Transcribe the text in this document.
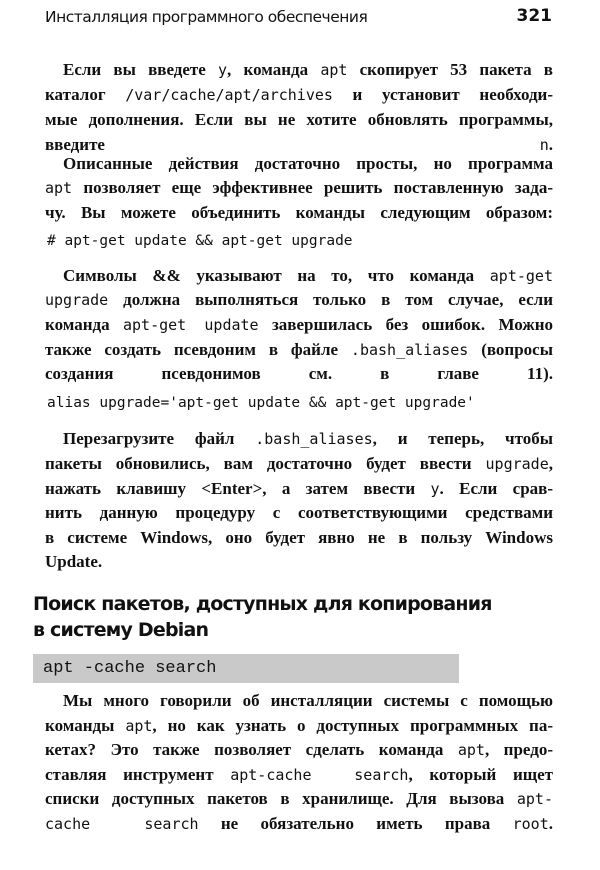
Инсталляция программного обеспечения	321
Если вы введете y, команда apt скопирует 53 пакета в
каталог /var/cache/apt/archives и установит необходи-
мые дополнения. Если вы не хотите обновлять программы,
введите n.
Описанные действия достаточно просты, но программа
apt позволяет еще эффективнее решить поставленную зада-
чу. Вы можете объединить команды следующим образом:
Символы && указывают на то, что команда apt-get
upgrade должна выполняться только в том случае, если
команда apt-get update завершилась без ошибок. Можно
также создать псевдоним в файле .bash_aliases (вопросы
создания псевдонимов см. в главе 11).
Перезагрузите файл .bash_aliases, и теперь, чтобы
пакеты обновились, вам достаточно будет ввести upgrade,
нажать клавишу <Enter>, а затем ввести y. Если срав-
нить данную процедуру с соответствующими средствами
в системе Windows, оно будет явно не в пользу Windows
Update.
Мы много говорили об инсталляции системы с помощью
команды apt, но как узнать о доступных программных па-
кетах? Это также позволяет сделать команда apt, предо-
ставляя инструмент apt-cache  search, который ищет
списки доступных пакетов в хранилище. Для вызова apt-
cache  search не обязательно иметь права root.
# apt-get update && apt-get upgrade
alias upgrade='apt-get update && apt-get upgrade'
Поиск пакетов, доступных для копирования
в систему Debian
apt -cache search
